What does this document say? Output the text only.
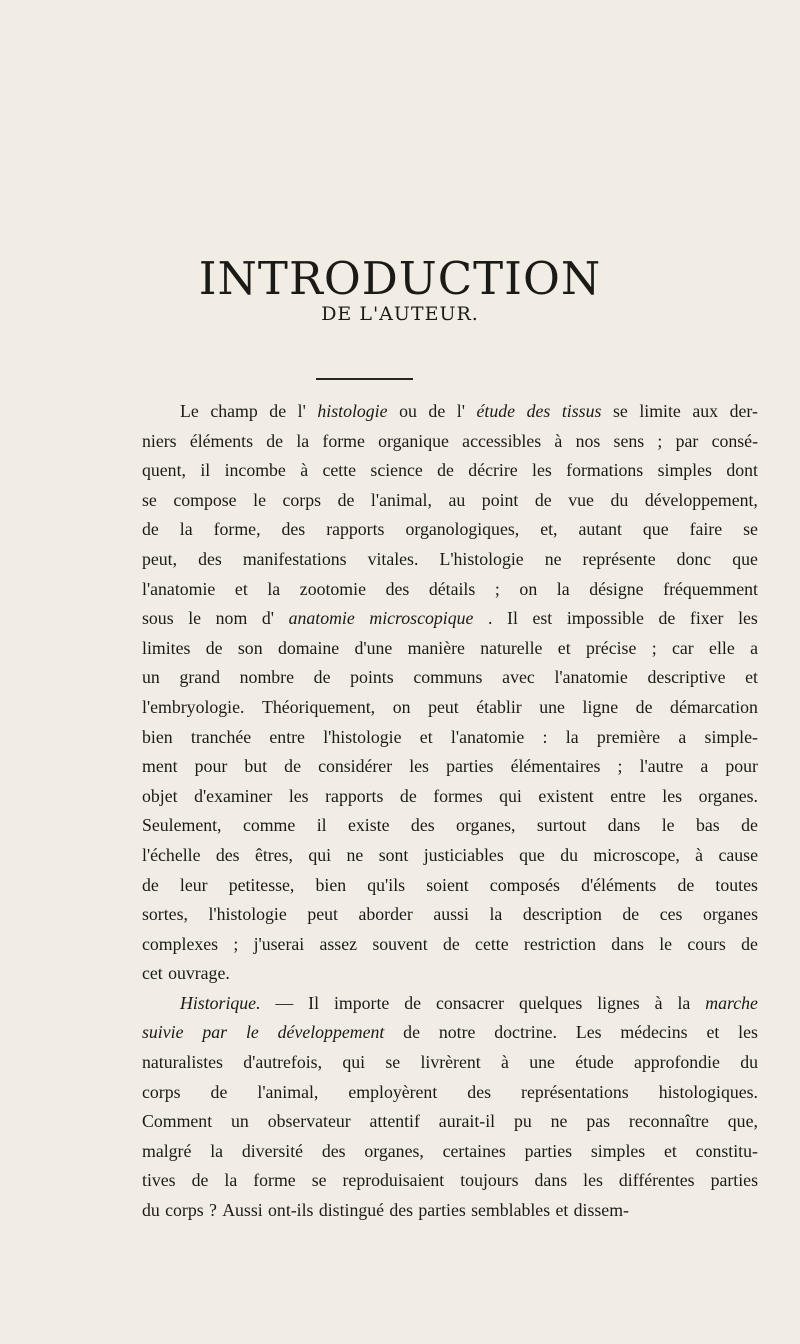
INTRODUCTION
DE L'AUTEUR.
Le champ de l' histologie ou de l' étude des tissus se limite aux der-
niers éléments de la forme organique accessibles à nos sens ; par consé-
quent, il incombe à cette science de décrire les formations simples dont
se compose le corps de l'animal, au point de vue du développement,
de la forme, des rapports organologiques, et, autant que faire se
peut, des manifestations vitales. L'histologie ne représente donc que
l'anatomie et la zootomie des détails ; on la désigne fréquemment
sous le nom d' anatomie microscopique . Il est impossible de fixer les
limites de son domaine d'une manière naturelle et précise ; car elle a
un grand nombre de points communs avec l'anatomie descriptive et
l'embryologie. Théoriquement, on peut établir une ligne de démarcation
bien tranchée entre l'histologie et l'anatomie : la première a simple-
ment pour but de considérer les parties élémentaires ; l'autre a pour
objet d'examiner les rapports de formes qui existent entre les organes.
Seulement, comme il existe des organes, surtout dans le bas de
l'échelle des êtres, qui ne sont justiciables que du microscope, à cause
de leur petitesse, bien qu'ils soient composés d'éléments de toutes
sortes, l'histologie peut aborder aussi la description de ces organes
complexes ; j'userai assez souvent de cette restriction dans le cours de
cet ouvrage.
Historique. — Il importe de consacrer quelques lignes à la marche
suivie par le développement de notre doctrine. Les médecins et les
naturalistes d'autrefois, qui se livrèrent à une étude approfondie du
corps de l'animal, employèrent des représentations histologiques.
Comment un observateur attentif aurait-il pu ne pas reconnaître que,
malgré la diversité des organes, certaines parties simples et constitu-
tives de la forme se reproduisaient toujours dans les différentes parties
du corps ? Aussi ont-ils distingué des parties semblables et dissem-
